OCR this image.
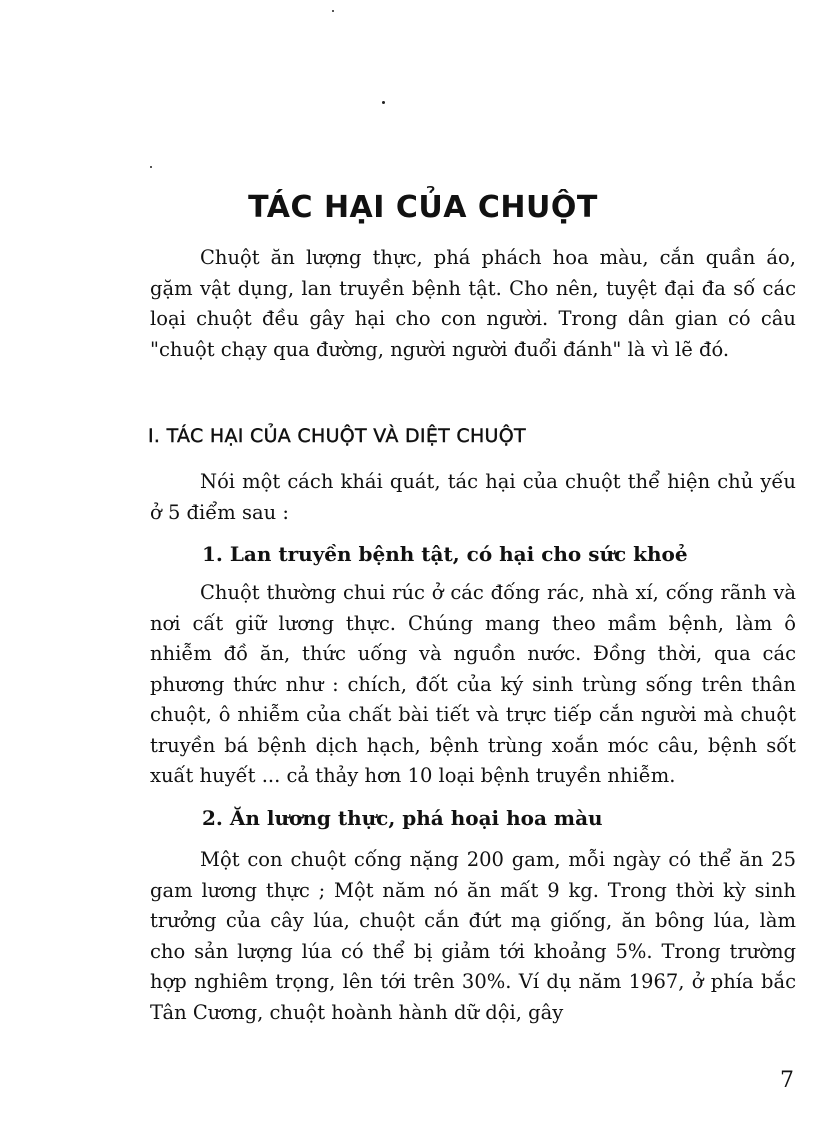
TÁC HẠI CỦA CHUỘT

Chuột ăn lượng thực, phá phách hoa màu, cắn quần áo, gặm vật dụng, lan truyền bệnh tật. Cho nên, tuyệt đại đa số các loại chuột đều gây hại cho con người. Trong dân gian có câu "chuột chạy qua đường, người người đuổi đánh" là vì lẽ đó.

I. TÁC HẠI CỦA CHUỘT VÀ DIỆT CHUỘT

Nói một cách khái quát, tác hại của chuột thể hiện chủ yếu ở 5 điểm sau :

1. Lan truyền bệnh tật, có hại cho sức khoẻ

Chuột thường chui rúc ở các đống rác, nhà xí, cống rãnh và nơi cất giữ lương thực. Chúng mang theo mầm bệnh, làm ô nhiễm đồ ăn, thức uống và nguồn nước. Đồng thời, qua các phương thức như : chích, đốt của ký sinh trùng sống trên thân chuột, ô nhiễm của chất bài tiết và trực tiếp cắn người mà chuột truyền bá bệnh dịch hạch, bệnh trùng xoắn móc câu, bệnh sốt xuất huyết ... cả thảy hơn 10 loại bệnh truyền nhiễm.

2. Ăn lương thực, phá hoại hoa màu

Một con chuột cống nặng 200 gam, mỗi ngày có thể ăn 25 gam lương thực ; Một năm nó ăn mất 9 kg. Trong thời kỳ sinh trưởng của cây lúa, chuột cắn đứt mạ giống, ăn bông lúa, làm cho sản lượng lúa có thể bị giảm tới khoảng 5%. Trong trường hợp nghiêm trọng, lên tới trên 30%. Ví dụ năm 1967, ở phía bắc Tân Cương, chuột hoành hành dữ dội, gây

7
